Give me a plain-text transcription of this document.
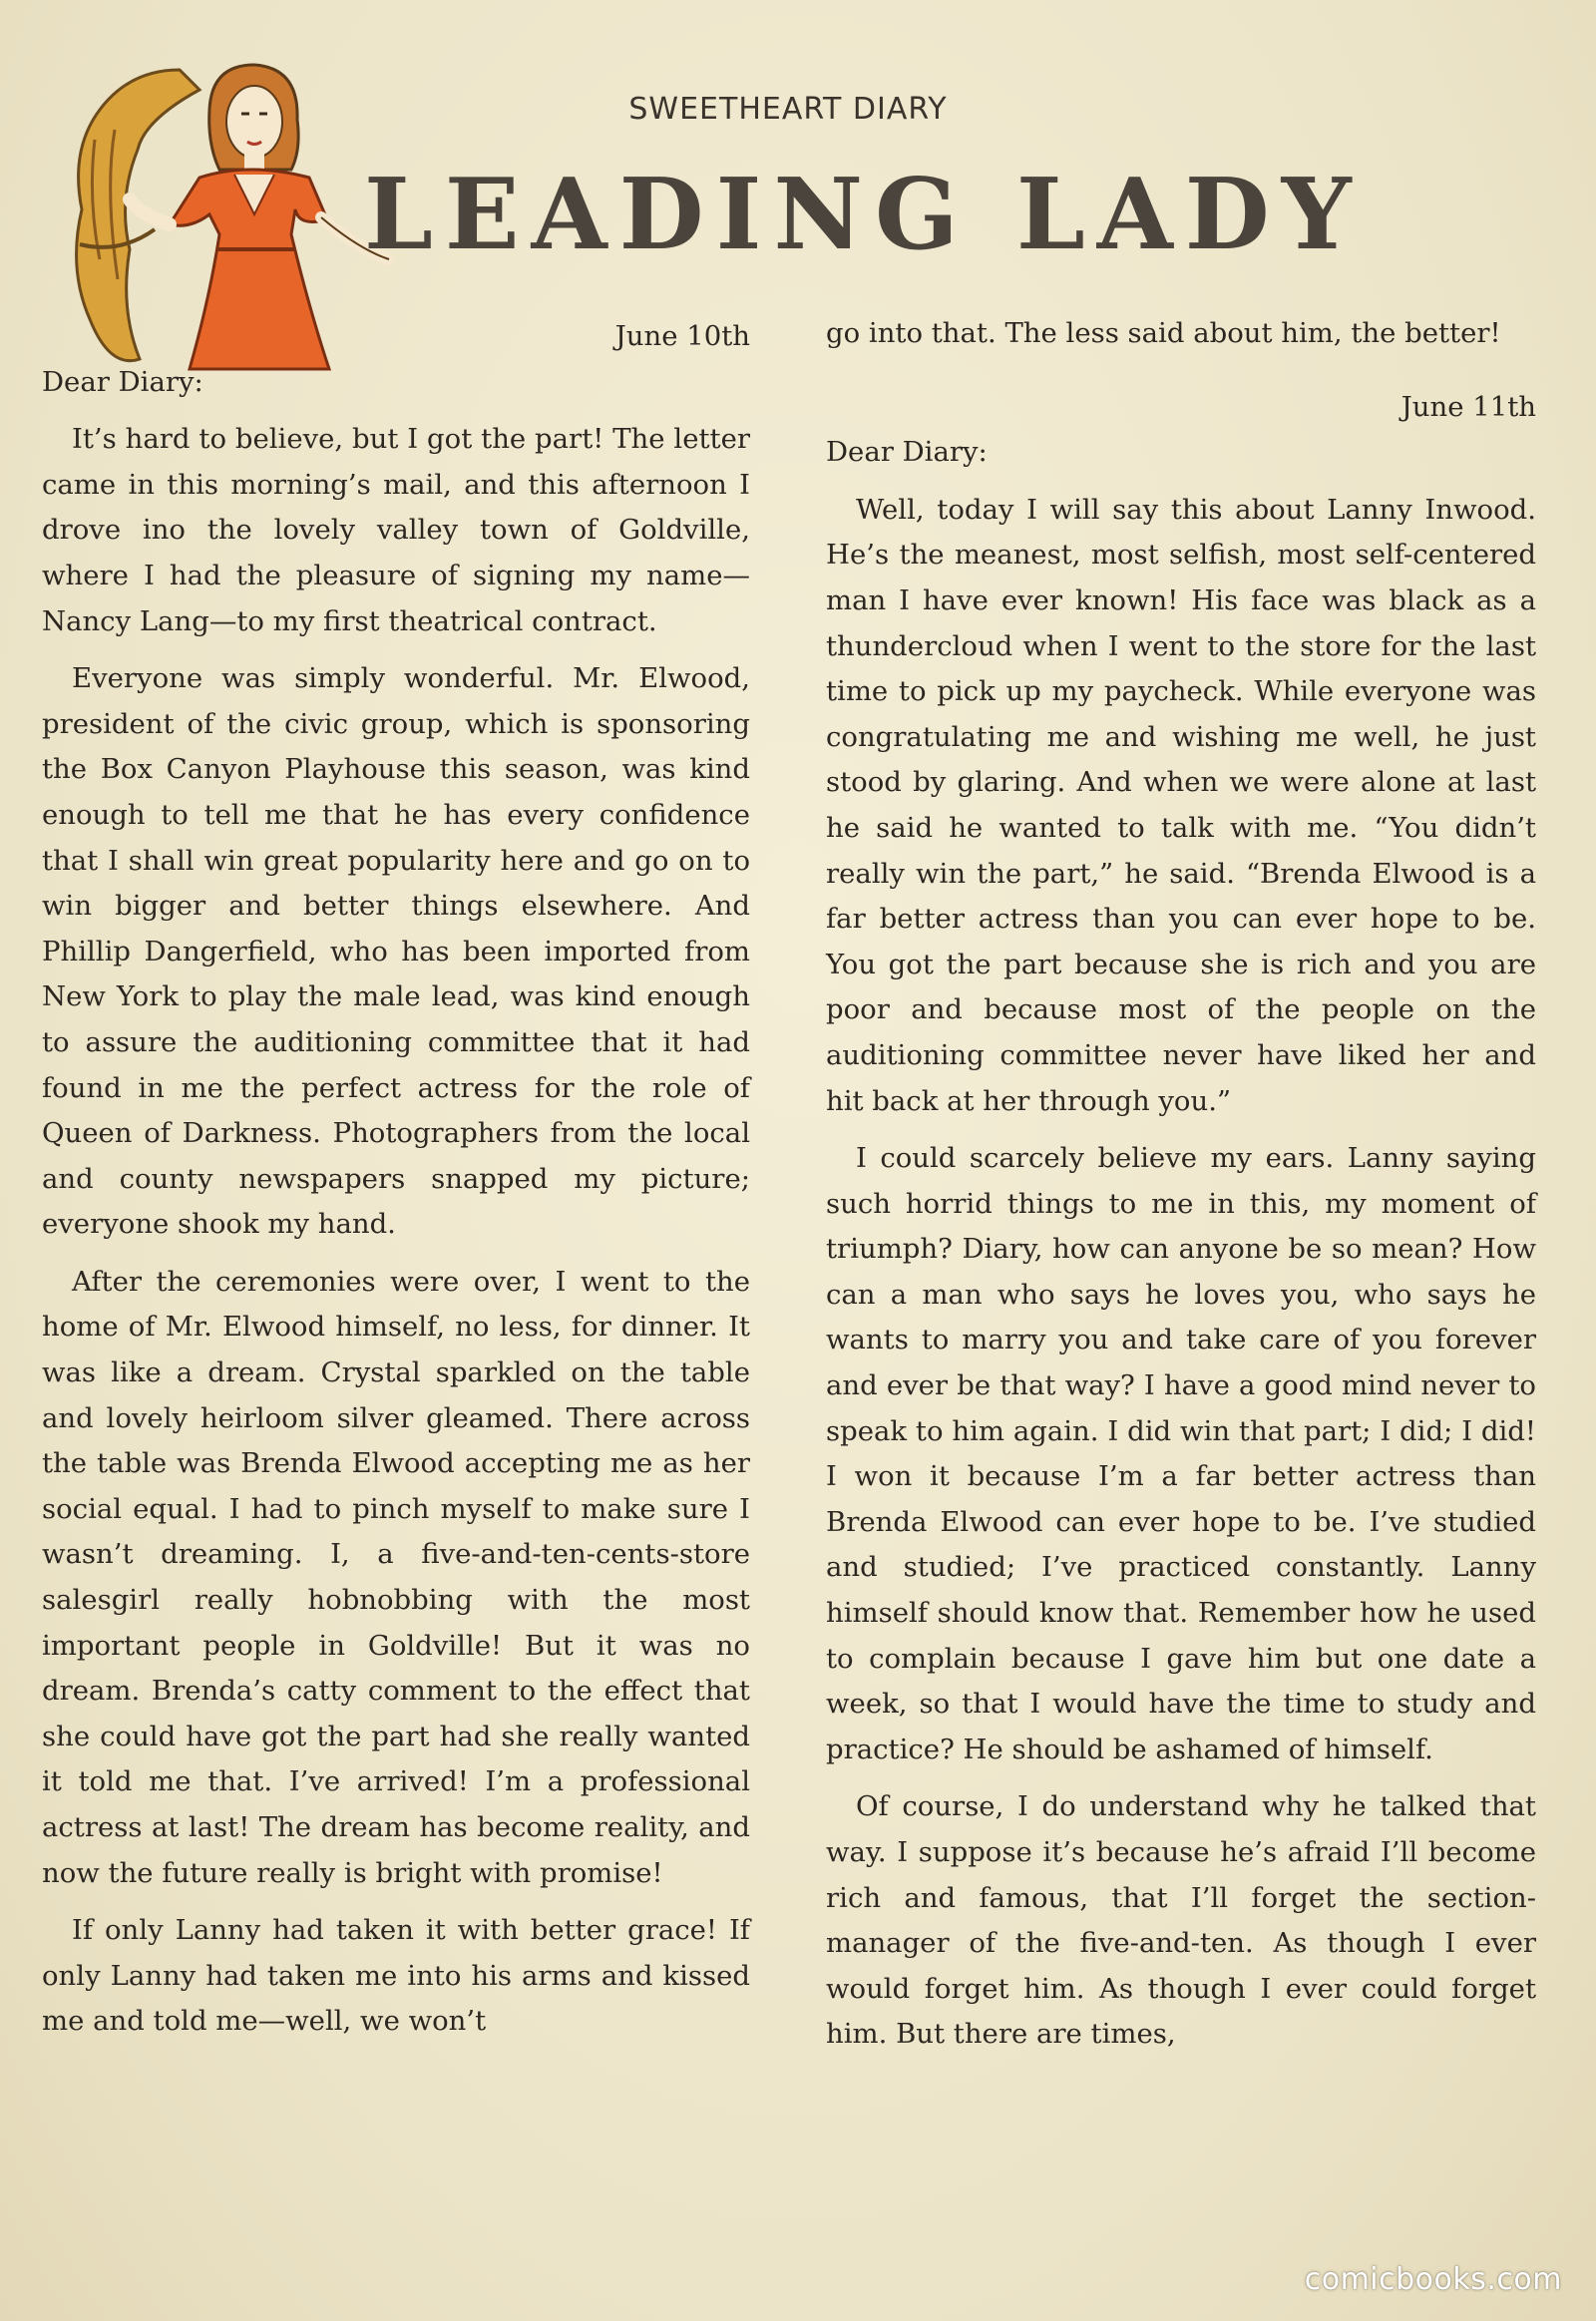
SWEETHEART DIARY
LEADING LADY

June 10th

Dear Diary:

It’s hard to believe, but I got the part! The letter came in this morning’s mail, and this afternoon I drove ino the lovely valley town of Goldville, where I had the pleasure of signing my name—Nancy Lang—to my first theatrical contract.

Everyone was simply wonderful. Mr. Elwood, president of the civic group, which is sponsoring the Box Canyon Playhouse this season, was kind enough to tell me that he has every confidence that I shall win great popularity here and go on to win bigger and better things elsewhere. And Phillip Dangerfield, who has been imported from New York to play the male lead, was kind enough to assure the auditioning committee that it had found in me the perfect actress for the role of Queen of Darkness. Photographers from the local and county newspapers snapped my picture; everyone shook my hand.

After the ceremonies were over, I went to the home of Mr. Elwood himself, no less, for dinner. It was like a dream. Crystal sparkled on the table and lovely heirloom silver gleamed. There across the table was Brenda Elwood accepting me as her social equal. I had to pinch myself to make sure I wasn’t dreaming. I, a five-and-ten-cents-store salesgirl really hobnobbing with the most important people in Goldville! But it was no dream. Brenda’s catty comment to the effect that she could have got the part had she really wanted it told me that. I’ve arrived! I’m a professional actress at last! The dream has become reality, and now the future really is bright with promise!

If only Lanny had taken it with better grace! If only Lanny had taken me into his arms and kissed me and told me—well, we won’t

go into that. The less said about him, the better!

June 11th

Dear Diary:

Well, today I will say this about Lanny Inwood. He’s the meanest, most selfish, most self-centered man I have ever known! His face was black as a thundercloud when I went to the store for the last time to pick up my paycheck. While everyone was congratulating me and wishing me well, he just stood by glaring. And when we were alone at last he said he wanted to talk with me. “You didn’t really win the part,” he said. “Brenda Elwood is a far better actress than you can ever hope to be. You got the part because she is rich and you are poor and because most of the people on the auditioning committee never have liked her and hit back at her through you.”

I could scarcely believe my ears. Lanny saying such horrid things to me in this, my moment of triumph? Diary, how can anyone be so mean? How can a man who says he loves you, who says he wants to marry you and take care of you forever and ever be that way? I have a good mind never to speak to him again. I did win that part; I did; I did! I won it because I’m a far better actress than Brenda Elwood can ever hope to be. I’ve studied and studied; I’ve practiced constantly. Lanny himself should know that. Remember how he used to complain because I gave him but one date a week, so that I would have the time to study and practice? He should be ashamed of himself.

Of course, I do understand why he talked that way. I suppose it’s because he’s afraid I’ll become rich and famous, that I’ll forget the section-manager of the five-and-ten. As though I ever would forget him. As though I ever could forget him. But there are times,

comicbooks.com
